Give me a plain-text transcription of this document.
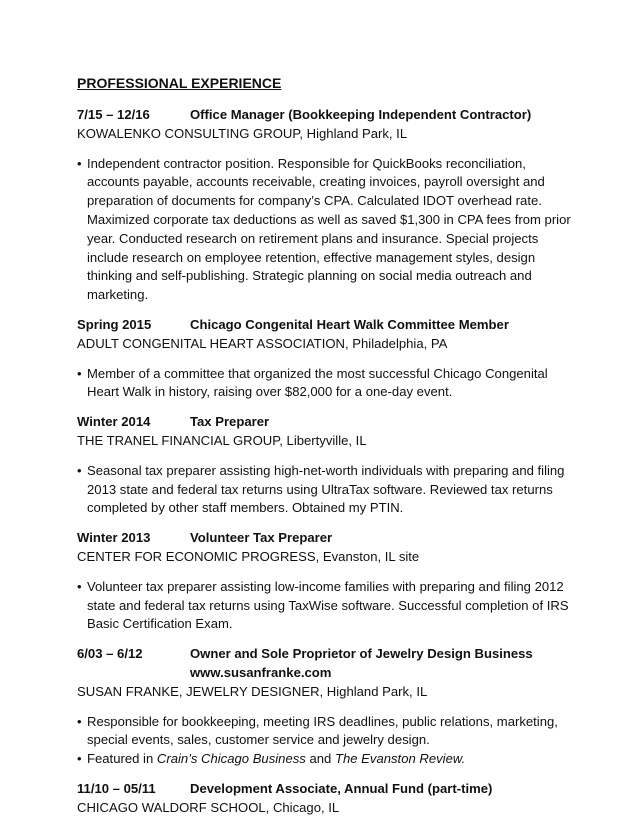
PROFESSIONAL EXPERIENCE
7/15 – 12/16	Office Manager (Bookkeeping Independent Contractor)
KOWALENKO CONSULTING GROUP, Highland Park, IL
• Independent contractor position. Responsible for QuickBooks reconciliation, accounts payable, accounts receivable, creating invoices, payroll oversight and preparation of documents for company’s CPA. Calculated IDOT overhead rate. Maximized corporate tax deductions as well as saved $1,300 in CPA fees from prior year. Conducted research on retirement plans and insurance. Special projects include research on employee retention, effective management styles, design thinking and self-publishing. Strategic planning on social media outreach and marketing.
Spring 2015	Chicago Congenital Heart Walk Committee Member
ADULT CONGENITAL HEART ASSOCIATION, Philadelphia, PA
• Member of a committee that organized the most successful Chicago Congenital Heart Walk in history, raising over $82,000 for a one-day event.
Winter 2014	Tax Preparer
THE TRANEL FINANCIAL GROUP, Libertyville, IL
• Seasonal tax preparer assisting high-net-worth individuals with preparing and filing 2013 state and federal tax returns using UltraTax software. Reviewed tax returns completed by other staff members. Obtained my PTIN.
Winter 2013	Volunteer Tax Preparer
CENTER FOR ECONOMIC PROGRESS, Evanston, IL site
• Volunteer tax preparer assisting low-income families with preparing and filing 2012 state and federal tax returns using TaxWise software. Successful completion of IRS Basic Certification Exam.
6/03 – 6/12	Owner and Sole Proprietor of Jewelry Design Business
www.susanfranke.com
SUSAN FRANKE, JEWELRY DESIGNER, Highland Park, IL
• Responsible for bookkeeping, meeting IRS deadlines, public relations, marketing, special events, sales, customer service and jewelry design.
• Featured in Crain’s Chicago Business and The Evanston Review.
11/10 – 05/11	Development Associate, Annual Fund (part-time)
CHICAGO WALDORF SCHOOL, Chicago, IL
